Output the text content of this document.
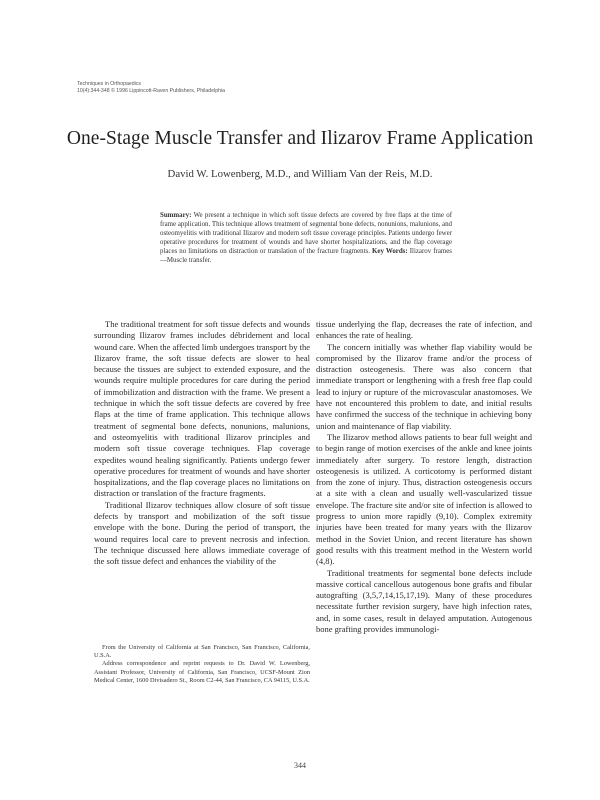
Techniques in Orthopaedics
10(4):344-348 © 1996 Lippincott-Raven Publishers, Philadelphia
One-Stage Muscle Transfer and Ilizarov Frame Application
David W. Lowenberg, M.D., and William Van der Reis, M.D.
Summary: We present a technique in which soft tissue defects are covered by free flaps at the time of frame application. This technique allows treatment of segmental bone defects, nonunions, malunions, and osteomyelitis with traditional Ilizarov and modern soft tissue coverage principles. Patients undergo fewer operative procedures for treatment of wounds and have shorter hospitalizations, and the flap coverage places no limitations on distraction or translation of the fracture fragments. Key Words: Ilizarov frames—Muscle transfer.

The traditional treatment for soft tissue defects and wounds surrounding Ilizarov frames includes débridement and local wound care. When the affected limb undergoes transport by the Ilizarov frame, the soft tissue defects are slower to heal because the tissues are subject to extended exposure, and the wounds require multiple procedures for care during the period of immobilization and distraction with the frame. We present a technique in which the soft tissue defects are covered by free flaps at the time of frame application. This technique allows treatment of segmental bone defects, nonunions, malunions, and osteomyelitis with traditional Ilizarov principles and modern soft tissue coverage techniques. Flap coverage expedites wound healing significantly. Patients undergo fewer operative procedures for treatment of wounds and have shorter hospitalizations, and the flap coverage places no limitations on distraction or translation of the fracture fragments.

Traditional Ilizarov techniques allow closure of soft tissue defects by transport and mobilization of the soft tissue envelope with the bone. During the period of transport, the wound requires local care to prevent necrosis and infection. The technique discussed here allows immediate coverage of the soft tissue defect and enhances the viability of the

tissue underlying the flap, decreases the rate of infection, and enhances the rate of healing.

The concern initially was whether flap viability would be compromised by the Ilizarov frame and/or the process of distraction osteogenesis. There was also concern that immediate transport or lengthening with a fresh free flap could lead to injury or rupture of the microvascular anastomoses. We have not encountered this problem to date, and initial results have confirmed the success of the technique in achieving bony union and maintenance of flap viability.

The Ilizarov method allows patients to bear full weight and to begin range of motion exercises of the ankle and knee joints immediately after surgery. To restore length, distraction osteogenesis is utilized. A corticotomy is performed distant from the zone of injury. Thus, distraction osteogenesis occurs at a site with a clean and usually well-vascularized tissue envelope. The fracture site and/or site of infection is allowed to progress to union more rapidly (9,10). Complex extremity injuries have been treated for many years with the Ilizarov method in the Soviet Union, and recent literature has shown good results with this treatment method in the Western world (4,8).

Traditional treatments for segmental bone defects include massive cortical cancellous autogenous bone grafts and fibular autografting (3,5,7,14,15,17,19). Many of these procedures necessitate further revision surgery, have high infection rates, and, in some cases, result in delayed amputation. Autogenous bone grafting provides immunologi-

From the University of California at San Francisco, San Francisco, California, U.S.A.

Address correspondence and reprint requests to Dr. David W. Lowenberg, Assistant Professor, University of California, San Francisco, UCSF-Mount Zion Medical Center, 1600 Divisadero St., Room C2-44, San Francisco, CA 94115, U.S.A.

344
